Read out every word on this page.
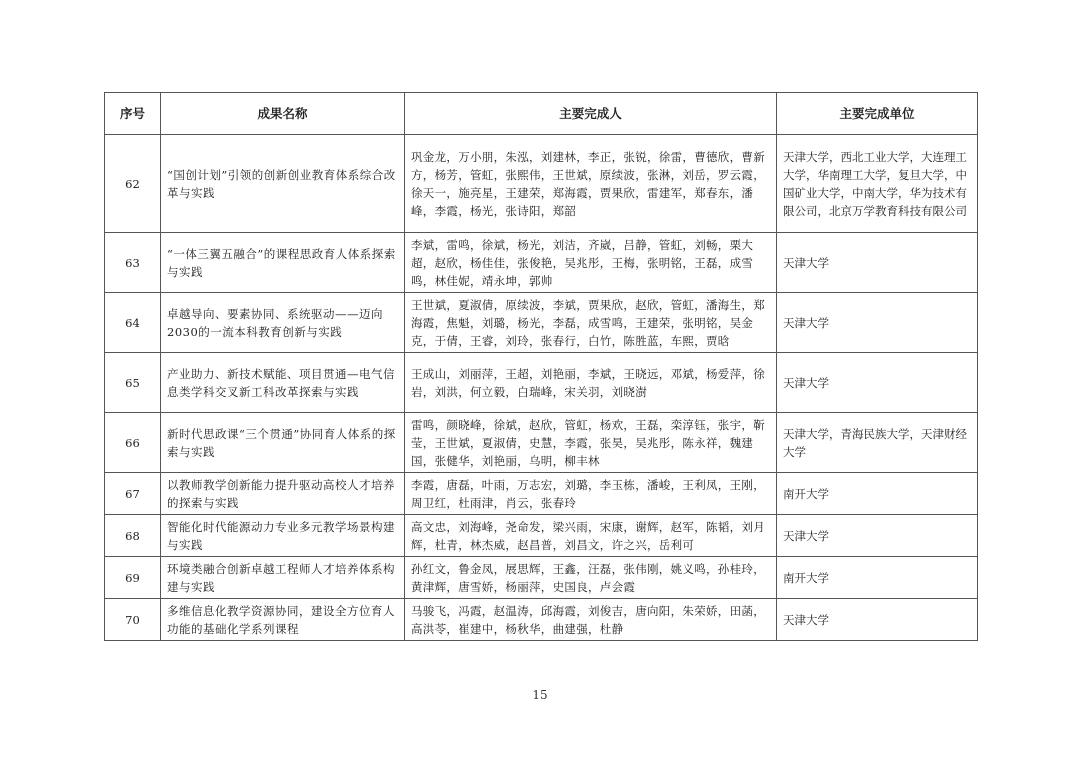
序号	成果名称	主要完成人	主要完成单位
62	“国创计划”引领的创新创业教育体系综合改革与实践	巩金龙，万小朋，朱泓，刘建林，李正，张锐，徐雷，曹德欣，曹新方，杨芳，管虹，张熙伟，王世斌，原续波，张淋，刘岳，罗云霞，徐天一，施亮星，王建荣，郑海霞，贾果欣，雷建军，郑春东，潘峰，李霞，杨光，张诗阳，郑韶	天津大学，西北工业大学，大连理工大学，华南理工大学，复旦大学，中国矿业大学，中南大学，华为技术有限公司，北京万学教育科技有限公司
63	“一体三翼五融合”的课程思政育人体系探索与实践	李斌，雷鸣，徐斌，杨光，刘洁，齐崴，吕静，管虹，刘畅，栗大超，赵欣，杨佳佳，张俊艳，吴兆彤，王梅，张明铭，王磊，成雪鸣，林佳妮，靖永坤，郭帅	天津大学
64	卓越导向、要素协同、系统驱动——迈向2030的一流本科教育创新与实践	王世斌，夏淑倩，原续波，李斌，贾果欣，赵欣，管虹，潘海生，郑海霞，焦魁，刘璐，杨光，李磊，成雪鸣，王建荣，张明铭，吴金克，于倩，王睿，刘玲，张春行，白竹，陈胜蓝，车熙，贾晗	天津大学
65	产业助力、新技术赋能、项目贯通—电气信息类学科交叉新工科改革探索与实践	王成山，刘丽萍，王超，刘艳丽，李斌，王晓远，邓斌，杨爱萍，徐岩，刘洪，何立毅，白瑞峰，宋关羽，刘晓澍	天津大学
66	新时代思政课“三个贯通”协同育人体系的探索与实践	雷鸣，颜晓峰，徐斌，赵欣，管虹，杨欢，王磊，栾淳钰，张宇，靳莹，王世斌，夏淑倩，史慧，李霞，张昊，吴兆彤，陈永祥，魏建国，张健华，刘艳丽，乌明，柳丰林	天津大学，青海民族大学，天津财经大学
67	以教师教学创新能力提升驱动高校人才培养的探索与实践	李霞，唐磊，叶雨，万志宏，刘璐，李玉栋，潘峻，王利凤，王刚，周卫红，杜雨津，肖云，张春玲	南开大学
68	智能化时代能源动力专业多元教学场景构建与实践	高文忠，刘海峰，尧命发，梁兴雨，宋康，谢辉，赵军，陈韬，刘月辉，杜青，林杰威，赵昌普，刘昌文，许之兴，岳利可	天津大学
69	环境类融合创新卓越工程师人才培养体系构建与实践	孙红文，鲁金凤，展思辉，王鑫，汪磊，张伟刚，姚义鸣，孙桂玲，黄津辉，唐雪娇，杨丽萍，史国良，卢会霞	南开大学
70	多维信息化教学资源协同，建设全方位育人功能的基础化学系列课程	马骏飞，冯霞，赵温涛，邱海霞，刘俊吉，唐向阳，朱荣娇，田菡，高洪苓，崔建中，杨秋华，曲建强，杜静	天津大学
15
